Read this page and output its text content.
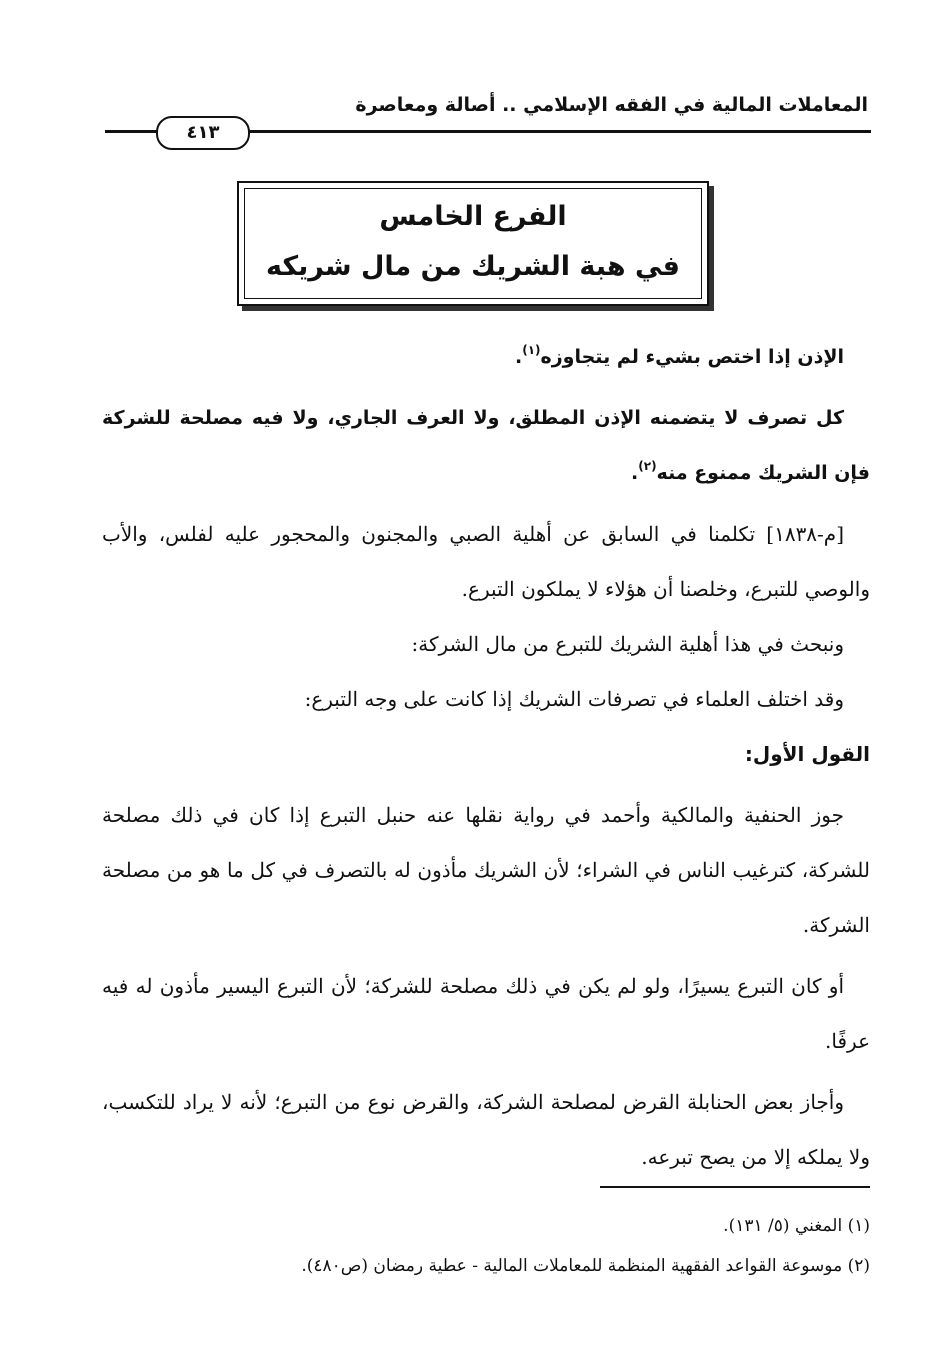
المعاملات المالية في الفقه الإسلامي .. أصالة ومعاصرة
٤١٣
الفرع الخامس
في هبة الشريك من مال شريكه

الإذن إذا اختص بشيء لم يتجاوزه$^{(١)}$.

كل تصرف لا يتضمنه الإذن المطلق، ولا العرف الجاري، ولا فيه مصلحة للشركة فإن الشريك ممنوع منه$^{(٢)}$.

[م-١٨٣٨] تكلمنا في السابق عن أهلية الصبي والمجنون والمحجور عليه لفلس، والأب والوصي للتبرع، وخلصنا أن هؤلاء لا يملكون التبرع.

ونبحث في هذا أهلية الشريك للتبرع من مال الشركة:

وقد اختلف العلماء في تصرفات الشريك إذا كانت على وجه التبرع:

القول الأول:

جوز الحنفية والمالكية وأحمد في رواية نقلها عنه حنبل التبرع إذا كان في ذلك مصلحة للشركة، كترغيب الناس في الشراء؛ لأن الشريك مأذون له بالتصرف في كل ما هو من مصلحة الشركة.

أو كان التبرع يسيرًا، ولو لم يكن في ذلك مصلحة للشركة؛ لأن التبرع اليسير مأذون له فيه عرفًا.

وأجاز بعض الحنابلة القرض لمصلحة الشركة، والقرض نوع من التبرع؛ لأنه لا يراد للتكسب، ولا يملكه إلا من يصح تبرعه.

(١) المغني (٥/ ١٣١).

(٢) موسوعة القواعد الفقهية المنظمة للمعاملات المالية - عطية رمضان (ص٤٨٠).
